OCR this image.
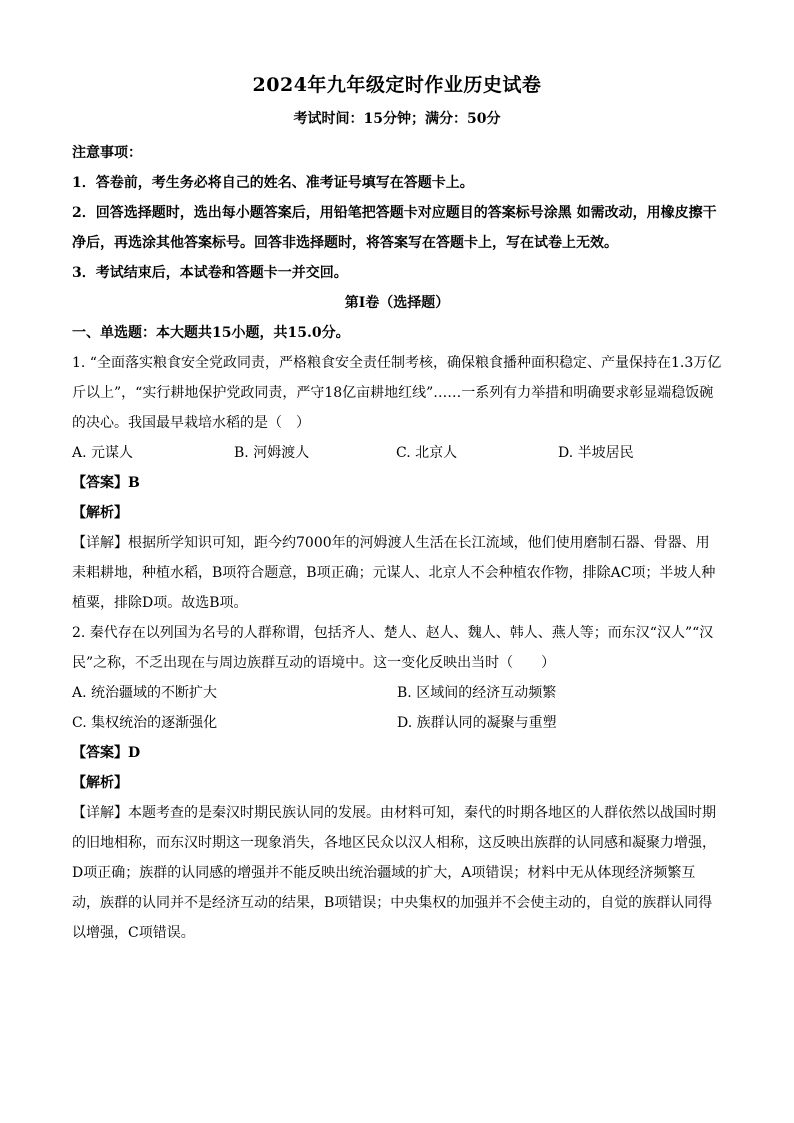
2024年九年级定时作业历史试卷
考试时间：15分钟；满分：50分

注意事项：

1．答卷前，考生务必将自己的姓名、准考证号填写在答题卡上。

2．回答选择题时，选出每小题答案后，用铅笔把答题卡对应题目的答案标号涂黑 如需改动，用橡皮擦干净后，再选涂其他答案标号。回答非选择题时，将答案写在答题卡上，写在试卷上无效。

3．考试结束后，本试卷和答题卡一并交回。

第Ⅰ卷（选择题）

一、单选题：本大题共15小题，共15.0分。

1. “全面落实粮食安全党政同责，严格粮食安全责任制考核，确保粮食播种面积稳定、产量保持在1.3万亿斤以上”，“实行耕地保护党政同责，严守18亿亩耕地红线”……一系列有力举措和明确要求彰显端稳饭碗的决心。我国最早栽培水稻的是（　）

A. 元谋人	B. 河姆渡人	C. 北京人	D. 半坡居民

【答案】B

【解析】

【详解】根据所学知识可知，距今约7000年的河姆渡人生活在长江流域，他们使用磨制石器、骨器、用耒耜耕地，种植水稻，B项符合题意，B项正确；元谋人、北京人不会种植农作物，排除AC项；半坡人种植粟，排除D项。故选B项。

2. 秦代存在以列国为名号的人群称谓，包括齐人、楚人、赵人、魏人、韩人、燕人等；而东汉“汉人”“汉民”之称，不乏出现在与周边族群互动的语境中。这一变化反映出当时（　　）

A. 统治疆域的不断扩大	B. 区域间的经济互动频繁
C. 集权统治的逐渐强化	D. 族群认同的凝聚与重塑

【答案】D

【解析】

【详解】本题考查的是秦汉时期民族认同的发展。由材料可知，秦代的时期各地区的人群依然以战国时期的旧地相称，而东汉时期这一现象消失，各地区民众以汉人相称，这反映出族群的认同感和凝聚力增强，D项正确；族群的认同感的增强并不能反映出统治疆域的扩大，A项错误；材料中无从体现经济频繁互动，族群的认同并不是经济互动的结果，B项错误；中央集权的加强并不会使主动的，自觉的族群认同得以增强，C项错误。
